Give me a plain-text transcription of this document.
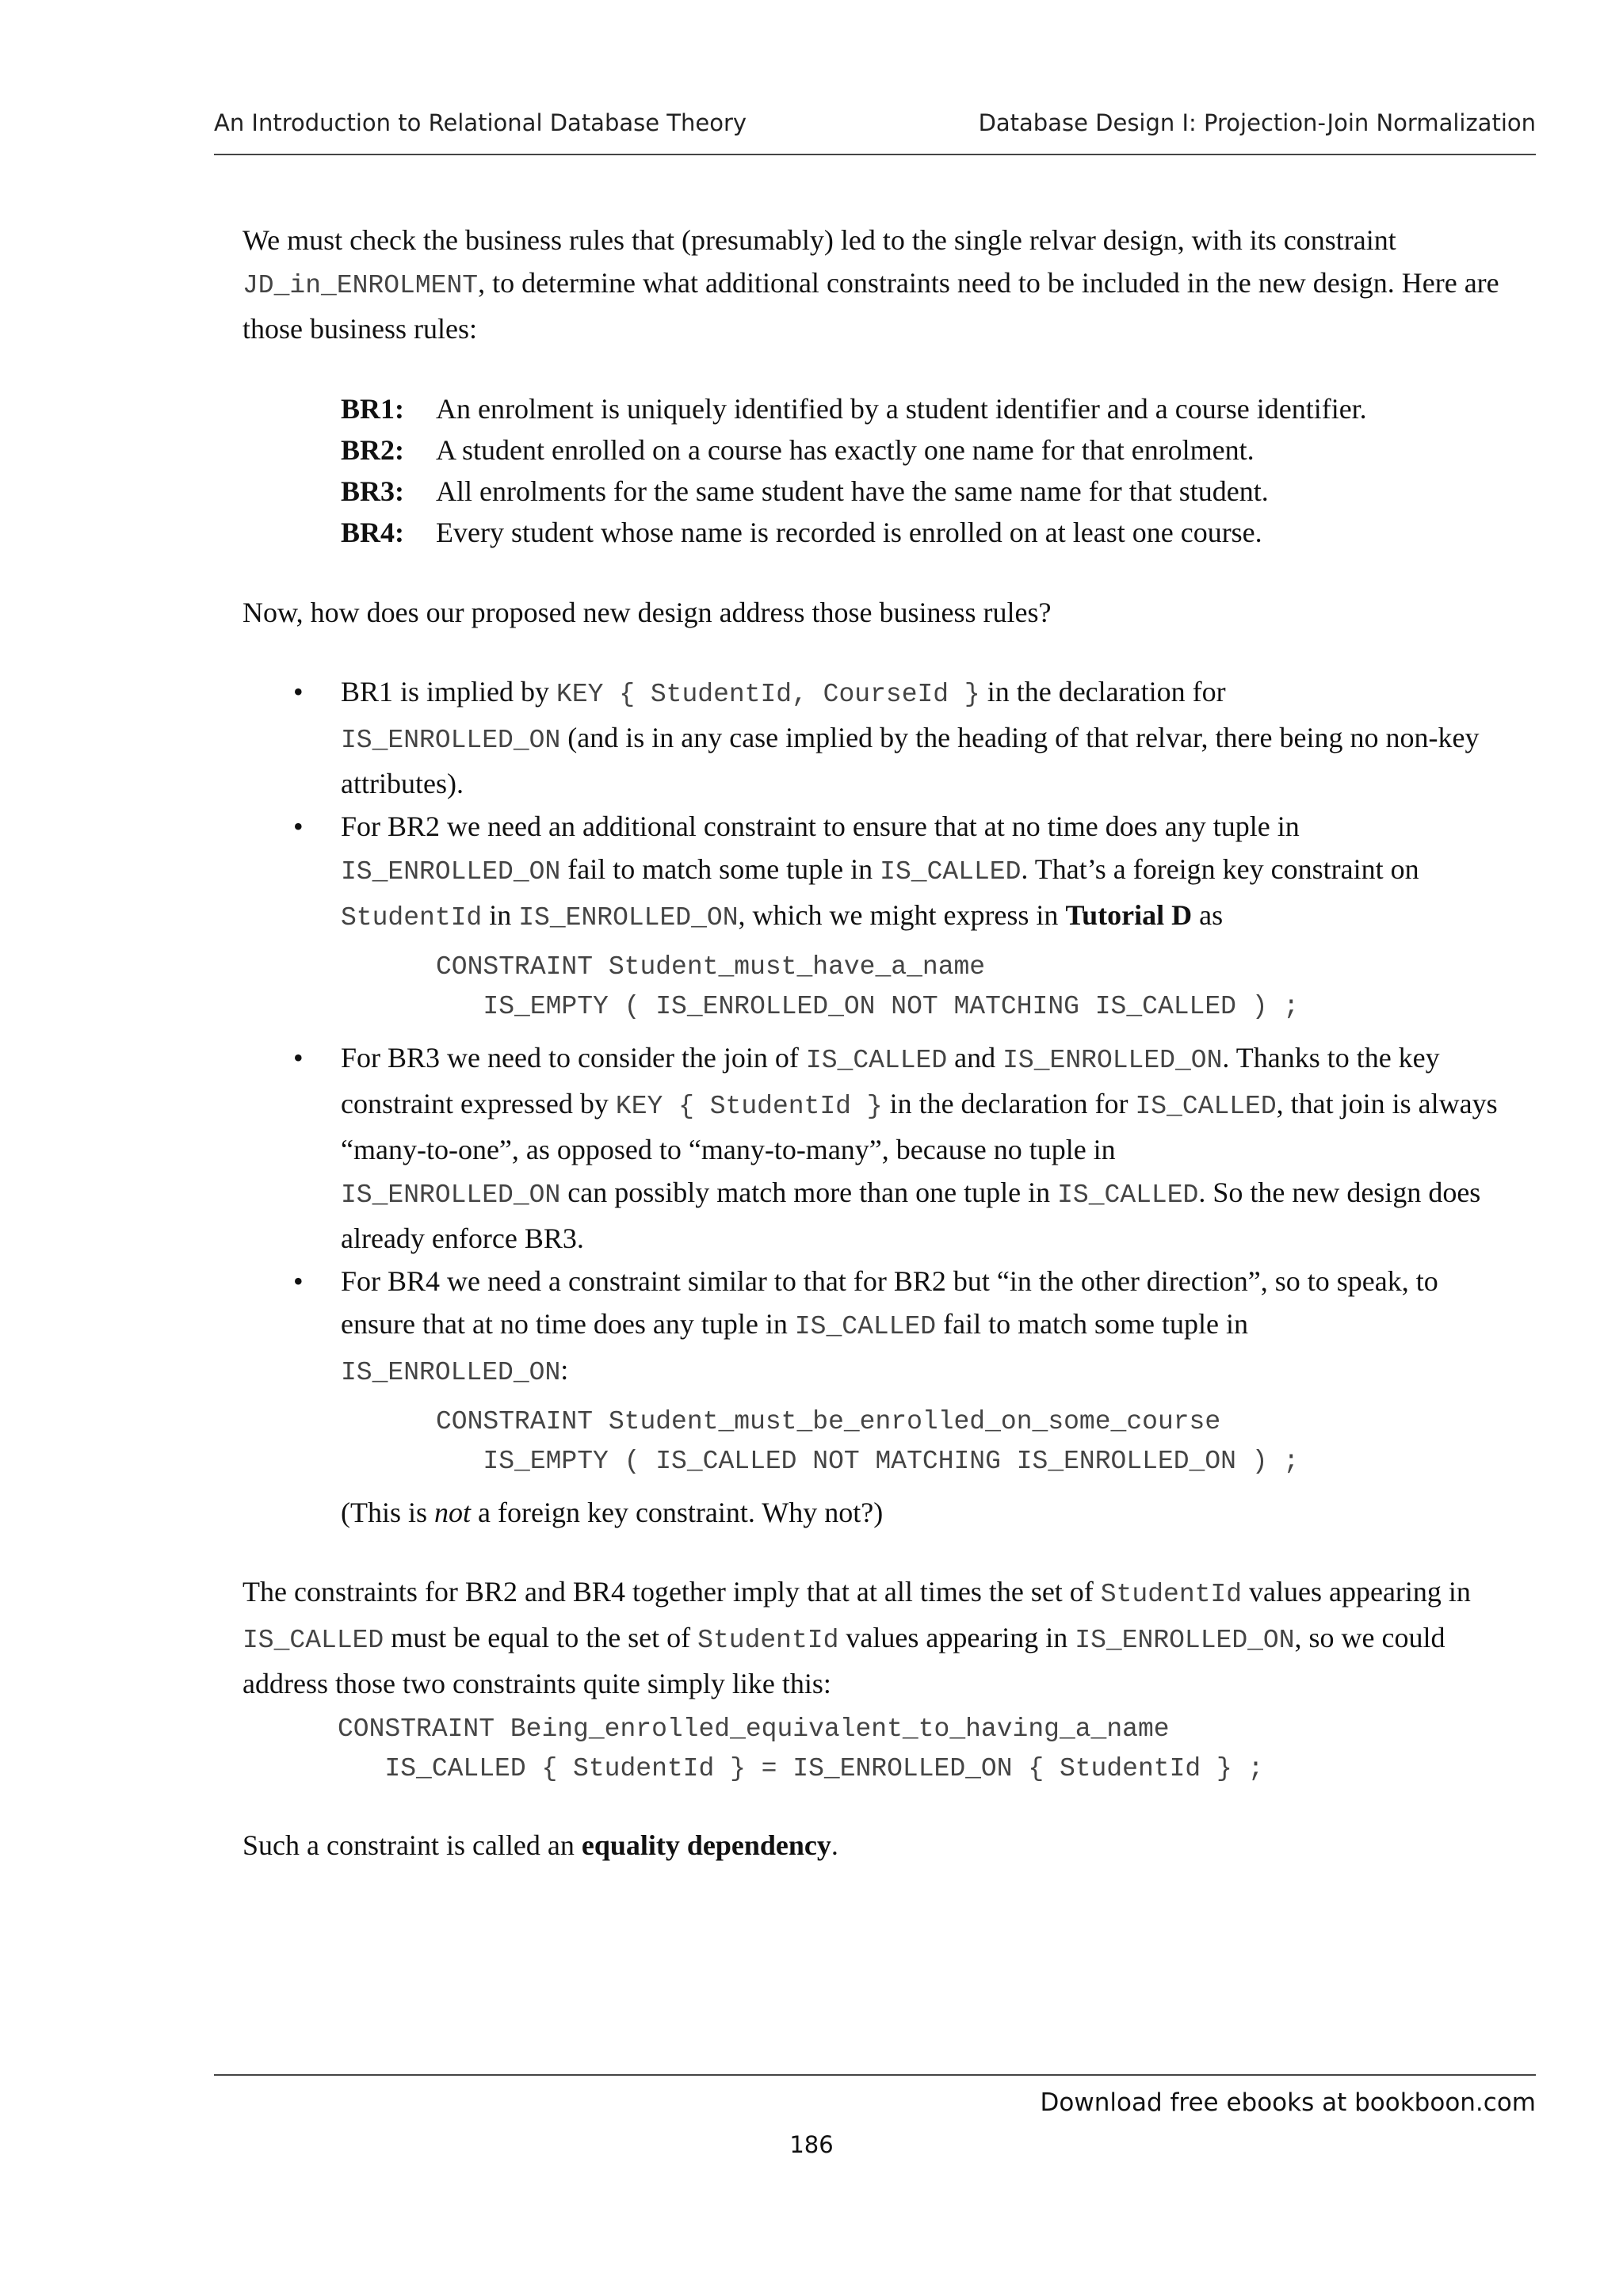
An Introduction to Relational Database Theory	Database Design I: Projection-Join Normalization

We must check the business rules that (presumably) led to the single relvar design, with its constraint
JD_in_ENROLMENT, to determine what additional constraints need to be included in the new design. Here are those business rules:

BR1:	An enrolment is uniquely identified by a student identifier and a course identifier.
BR2:	A student enrolled on a course has exactly one name for that enrolment.
BR3:	All enrolments for the same student have the same name for that student.
BR4:	Every student whose name is recorded is enrolled on at least one course.

Now, how does our proposed new design address those business rules?

• BR1 is implied by KEY { StudentId, CourseId } in the declaration for
IS_ENROLLED_ON (and is in any case implied by the heading of that relvar, there being no non-key attributes).
• For BR2 we need an additional constraint to ensure that at no time does any tuple in
IS_ENROLLED_ON fail to match some tuple in IS_CALLED. That’s a foreign key constraint on
StudentId in IS_ENROLLED_ON, which we might express in Tutorial D as
CONSTRAINT Student_must_have_a_name
IS_EMPTY ( IS_ENROLLED_ON NOT MATCHING IS_CALLED ) ;
• For BR3 we need to consider the join of IS_CALLED and IS_ENROLLED_ON. Thanks to the key constraint expressed by KEY { StudentId } in the declaration for IS_CALLED, that join is always “many-to-one”, as opposed to “many-to-many”, because no tuple in
IS_ENROLLED_ON can possibly match more than one tuple in IS_CALLED. So the new design does already enforce BR3.
• For BR4 we need a constraint similar to that for BR2 but “in the other direction”, so to speak, to ensure that at no time does any tuple in IS_CALLED fail to match some tuple in
IS_ENROLLED_ON:
CONSTRAINT Student_must_be_enrolled_on_some_course
IS_EMPTY ( IS_CALLED NOT MATCHING IS_ENROLLED_ON ) ;

(This is not a foreign key constraint. Why not?)

The constraints for BR2 and BR4 together imply that at all times the set of StudentId values appearing in
IS_CALLED must be equal to the set of StudentId values appearing in IS_ENROLLED_ON, so we could address those two constraints quite simply like this:

CONSTRAINT Being_enrolled_equivalent_to_having_a_name
IS_CALLED { StudentId } = IS_ENROLLED_ON { StudentId } ;

Such a constraint is called an equality dependency.

Download free ebooks at bookboon.com
186
